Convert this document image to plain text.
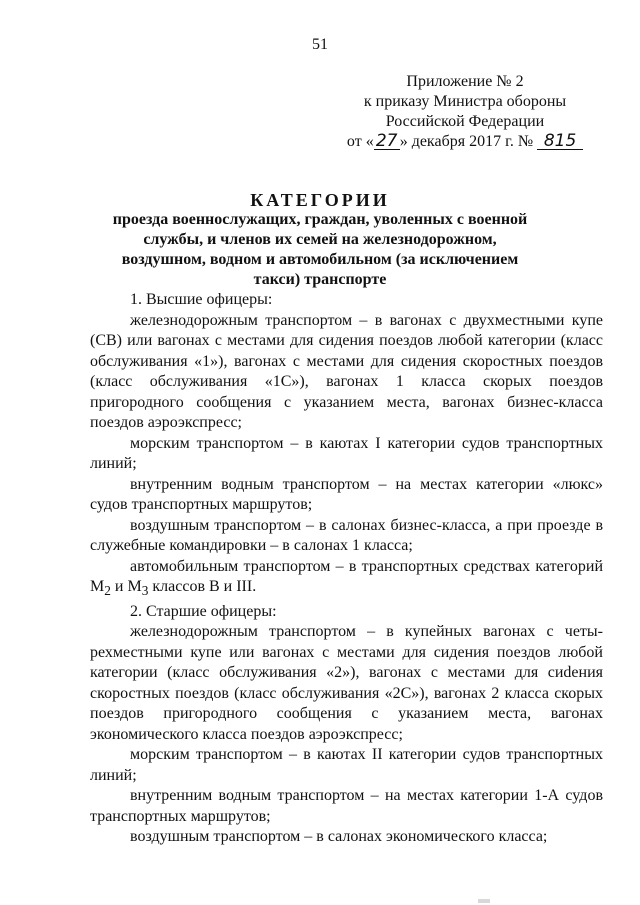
51
Приложение № 2
к приказу Министра обороны
Российской Федерации
от « 27 » декабря 2017 г. № 815
КАТЕГОРИИ
проезда военнослужащих, граждан, уволенных с военной службы, и членов их семей на железнодорожном, воздушном, водном и автомобильном (за исключением такси) транспорте

1. Высшие офицеры:

железнодорожным транспортом – в вагонах с двухместными купе (СВ) или вагонах с местами для сидения поездов любой категории (класс обслуживания «1»), вагонах с местами для сидения скоростных поездов (класс обслуживания «1С»), вагонах 1 класса скорых поездов пригородного сообщения с указанием места, вагонах бизнес-класса поездов аэроэкспресс;

морским транспортом – в каютах I категории судов транспортных линий;

внутренним водным транспортом – на местах категории «люкс» судов транспортных маршрутов;

воздушным транспортом – в салонах бизнес-класса, а при проезде в служебные командировки – в салонах 1 класса;

автомобильным транспортом – в транспортных средствах категорий $М_2$ и $М_3$ классов В и III.

2. Старшие офицеры:

железнодорожным транспортом – в купейных вагонах с четырехместными купе или вагонах с местами для сидения поездов любой категории (класс обслуживания «2»), вагонах с местами для сиdения скоростных поездов (класс обслуживания «2С»), вагонах 2 класса скорых поездов пригородного сообщения с указанием места, вагонах экономического класса поездов аэроэкспресс;

морским транспортом – в каютах II категории судов транспортных линий;

внутренним водным транспортом – на местах категории 1-А судов транспортных маршрутов;

воздушным транспортом – в салонах экономического класса;
